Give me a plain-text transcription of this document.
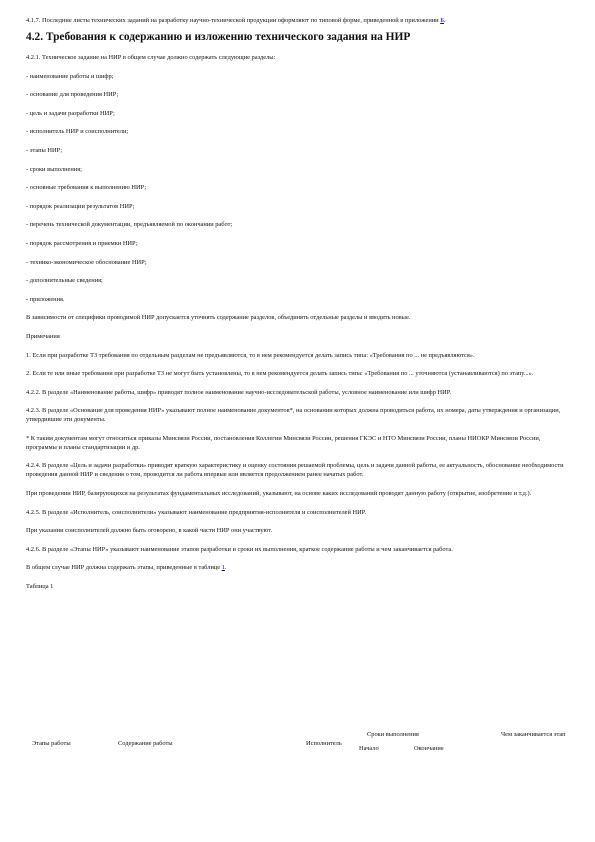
4.1.7. Последние листы технических заданий на разработку научно-технической продукции оформляют по типовой форме, приведенной в приложении Б.

4.2. Требования к содержанию и изложению технического задания на НИР

4.2.1. Техническое задание на НИР в общем случае должно содержать следующие разделы:

- наименование работы и шифр;

- основание для проведения НИР;

- цель и задачи разработки НИР;

- исполнитель НИР и соисполнители;

- этапы НИР;

- сроки выполнения;

- основные требования к выполнению НИР;

- порядок реализации результатов НИР;

- перечень технической документации, предъявляемой по окончании работ;

- порядок рассмотрения и приемки НИР;

- технико-экономическое обоснование НИР;

- дополнительные сведения;

- приложения.

В зависимости от специфики проводимой НИР допускается уточнять содержание разделов, объединять отдельные разделы и вводить новые.

Примечания

1. Если при разработке ТЗ требования по отдельным разделам не предъявляются, то в нем рекомендуется делать запись типа: «Требования по ... не предъявляются».

2. Если те или иные требования при разработке ТЗ не могут быть установлены, то в нем рекомендуется делать запись типа: «Требования по ... уточняются (устанавливаются) по этапу...».

4.2.2. В разделе «Наименование работы, шифр» приводят полное наименование научно-исследовательской работы, условное наименование или шифр НИР.

4.2.3. В разделе «Основание для проведения НИР» указывают полное наименование документов*, на основании которых должна проводиться работа, их номера, даты утверждения и организации, утвердившие эти документы.

* К таким документам могут относиться приказы Минсвязи России, постановления Коллегии Минсвязи России, решения ГКЭС и НТО Минсвязи России, планы НИОКР Минсвязи России, программы и планы стандартизации и др.

4.2.4. В разделе «Цель и задачи разработки» приводят краткую характеристику и оценку состояния решаемой проблемы, цель и задачи данной работы, ее актуальность, обоснование необходимости проведения данной НИР и сведения о том, проводится ли работа впервые или является продолжением ранее начатых работ.

При проведении НИР, базирующихся на результатах фундаментальных исследований, указывают, на основе каких исследований проводят данную работу (открытие, изобретение и т.д.).

4.2.5. В разделе «Исполнитель, соисполнители» указывают наименование предприятия-исполнителя и соисполнителей НИР.

При указании соисполнителей должно быть оговорено, в какой части НИР они участвуют.

4.2.6. В разделе «Этапы НИР» указывают наименование этапов разработки и сроки их выполнения, краткое содержание работы и чем заканчивается работа.

В общем случае НИР должна содержать этапы, приведенные в таблице 1.

Таблица 1

Этапы работы	Содержание работы	Исполнитель	Сроки выполнения		Чем заканчивается этап
			Начало	Окончание	
